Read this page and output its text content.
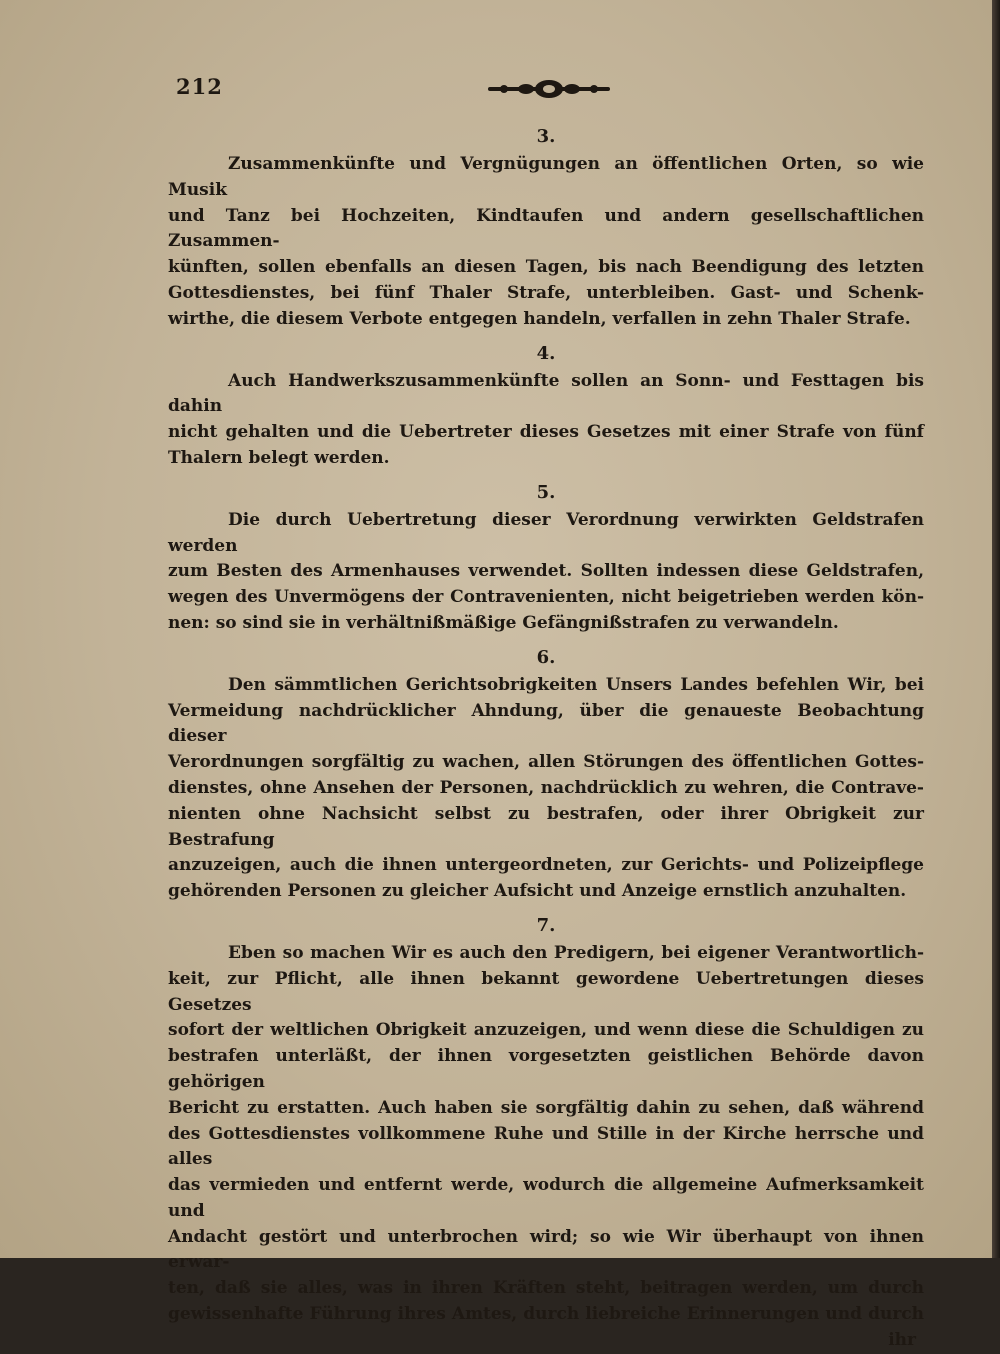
212
3.

Zusammenkünfte und Vergnügungen an öffentlichen Orten, so wie Musik

und Tanz bei Hochzeiten, Kindtaufen und andern gesellschaftlichen Zusammen-

künften, sollen ebenfalls an diesen Tagen, bis nach Beendigung des letzten

Gottesdienstes, bei fünf Thaler Strafe, unterbleiben. Gast- und Schenk-

wirthe, die diesem Verbote entgegen handeln, verfallen in zehn Thaler Strafe.

4.

Auch Handwerkszusammenkünfte sollen an Sonn- und Festtagen bis dahin

nicht gehalten und die Uebertreter dieses Gesetzes mit einer Strafe von fünf

Thalern belegt werden.

5.

Die durch Uebertretung dieser Verordnung verwirkten Geldstrafen werden

zum Besten des Armenhauses verwendet. Sollten indessen diese Geldstrafen,

wegen des Unvermögens der Contravenienten, nicht beigetrieben werden kön-

nen: so sind sie in verhältnißmäßige Gefängnißstrafen zu verwandeln.

6.

Den sämmtlichen Gerichtsobrigkeiten Unsers Landes befehlen Wir, bei

Vermeidung nachdrücklicher Ahndung, über die genaueste Beobachtung dieser

Verordnungen sorgfältig zu wachen, allen Störungen des öffentlichen Gottes-

dienstes, ohne Ansehen der Personen, nachdrücklich zu wehren, die Contrave-

nienten ohne Nachsicht selbst zu bestrafen, oder ihrer Obrigkeit zur Bestrafung

anzuzeigen, auch die ihnen untergeordneten, zur Gerichts- und Polizeipflege

gehörenden Personen zu gleicher Aufsicht und Anzeige ernstlich anzuhalten.

7.

Eben so machen Wir es auch den Predigern, bei eigener Verantwortlich-

keit, zur Pflicht, alle ihnen bekannt gewordene Uebertretungen dieses Gesetzes

sofort der weltlichen Obrigkeit anzuzeigen, und wenn diese die Schuldigen zu

bestrafen unterläßt, der ihnen vorgesetzten geistlichen Behörde davon gehörigen

Bericht zu erstatten. Auch haben sie sorgfältig dahin zu sehen, daß während

des Gottesdienstes vollkommene Ruhe und Stille in der Kirche herrsche und alles

das vermieden und entfernt werde, wodurch die allgemeine Aufmerksamkeit und

Andacht gestört und unterbrochen wird; so wie Wir überhaupt von ihnen erwar-

ten, daß sie alles, was in ihren Kräften steht, beitragen werden, um durch

gewissenhafte Führung ihres Amtes, durch liebreiche Erinnerungen und durch

ihr
